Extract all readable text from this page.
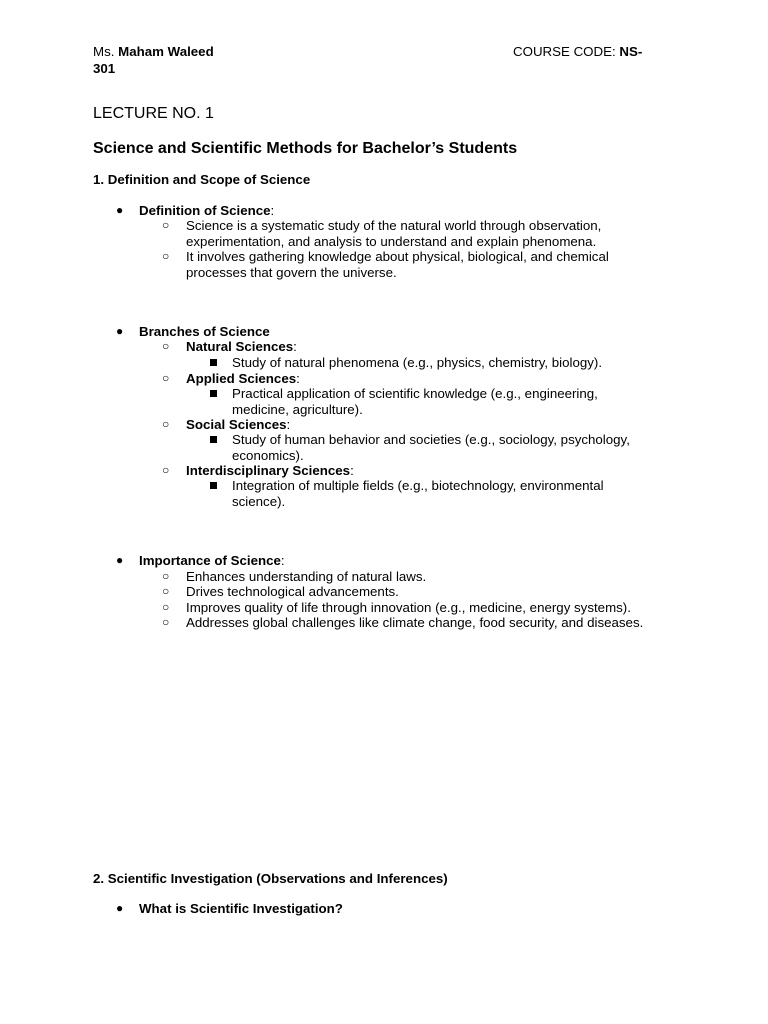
Ms. Maham Waleed	COURSE CODE: NS-
301
LECTURE NO. 1
Science and Scientific Methods for Bachelor’s Students
1. Definition and Scope of Science
● Definition of Science:
○ Science is a systematic study of the natural world through observation,
experimentation, and analysis to understand and explain phenomena.
○ It involves gathering knowledge about physical, biological, and chemical
processes that govern the universe.
● Branches of Science
○ Natural Sciences:
Study of natural phenomena (e.g., physics, chemistry, biology).
○ Applied Sciences:
Practical application of scientific knowledge (e.g., engineering,
medicine, agriculture).
○ Social Sciences:
Study of human behavior and societies (e.g., sociology, psychology,
economics).
○ Interdisciplinary Sciences:
Integration of multiple fields (e.g., biotechnology, environmental
science).
● Importance of Science:
○ Enhances understanding of natural laws.
○ Drives technological advancements.
○ Improves quality of life through innovation (e.g., medicine, energy systems).
○ Addresses global challenges like climate change, food security, and diseases.
2. Scientific Investigation (Observations and Inferences)
● What is Scientific Investigation?
